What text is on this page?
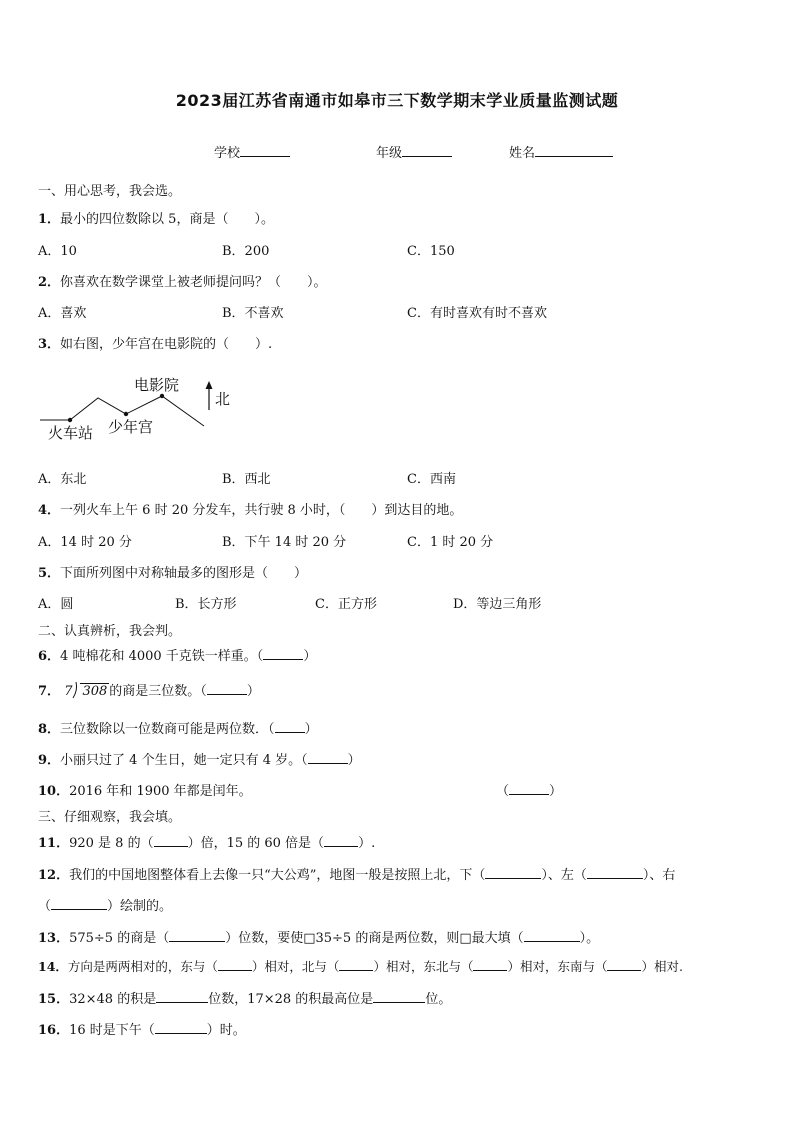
2023届江苏省南通市如皋市三下数学期末学业质量监测试题
学校	年级	姓名
一、用心思考，我会选。
1．最小的四位数除以 5，商是（　　）。
A．10	B．200	C．150
2．你喜欢在数学课堂上被老师提问吗？（　　）。
A．喜欢	B．不喜欢	C．有时喜欢有时不喜欢
3．如右图，少年宫在电影院的（　　）.
电影院
火车站 少年宫
北
A．东北	B．西北	C．西南
4．一列火车上午 6 时 20 分发车，共行驶 8 小时，（　　）到达目的地。
A．14 时 20 分	B．下午 14 时 20 分	C．1 时 20 分
5．下面所列图中对称轴最多的图形是（　　）
A．圆	B．长方形	C．正方形	D．等边三角形
二、认真辨析，我会判。
6．4 吨棉花和 4000 千克铁一样重。（	）
7． 7 308 的商是三位数。（	）
8．三位数除以一位数商可能是两位数．（ ）
9．小丽只过了 4 个生日，她一定只有 4 岁。（	）
10．2016 年和 1900 年都是闰年。	（	）
三、仔细观察，我会填。
11．920 是 8 的（	）倍，15 的 60 倍是（	）.
12．我们的中国地图整体看上去像一只“大公鸡”，地图一般是按照上北，下（	）、左（	）、右
（	）绘制的。
13．575÷5 的商是（	）位数，要使□35÷5 的商是两位数，则□最大填（	）。
14．方向是两两相对的，东与（	）相对，北与（	）相对，东北与（	）相对，东南与（	）相对.
15．32×48 的积是	位数，17×28 的积最高位是	位。
16．16 时是下午（	）时。
